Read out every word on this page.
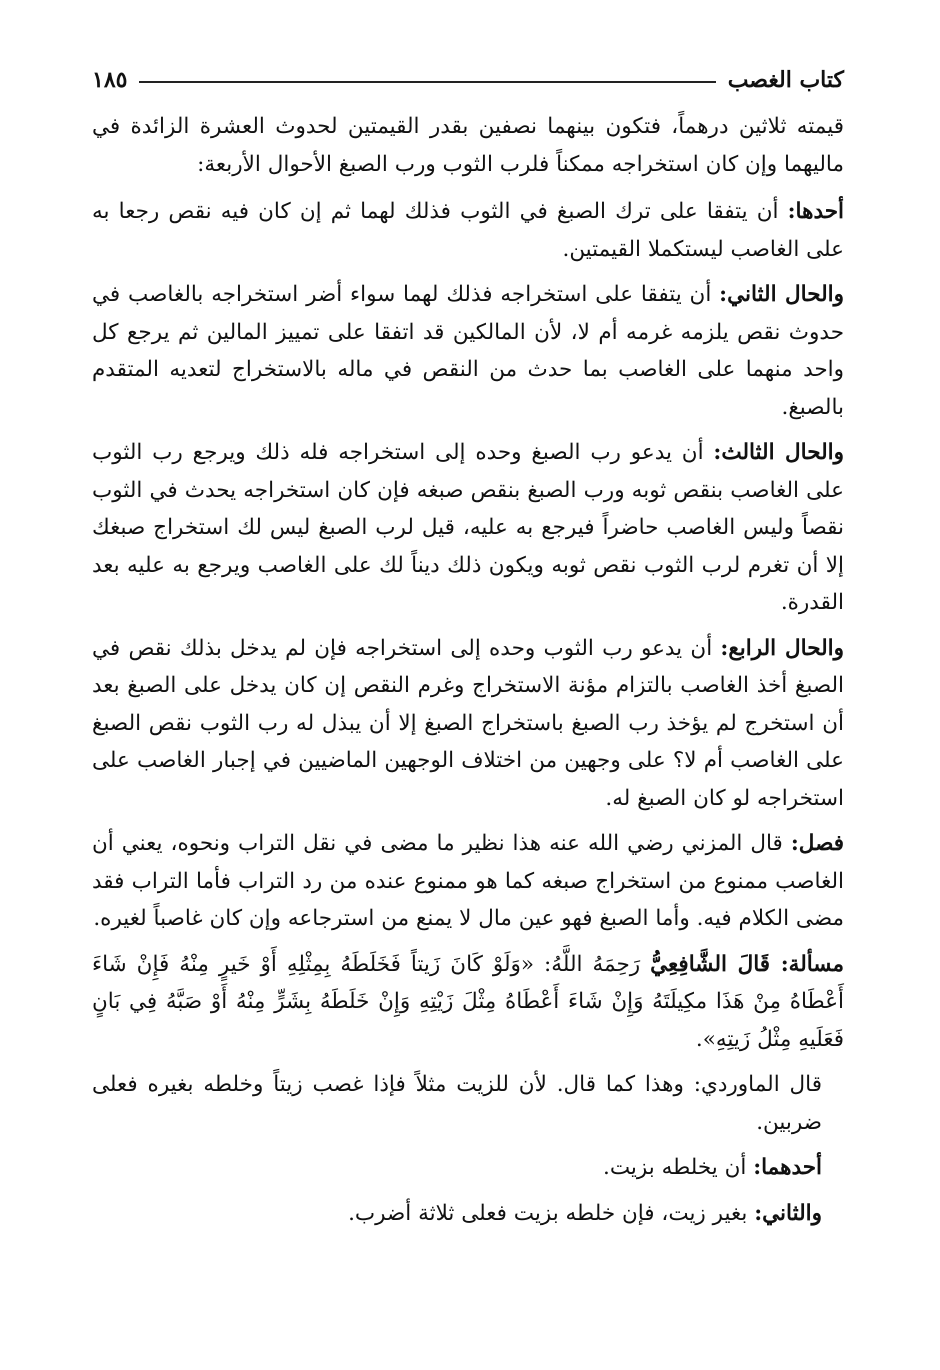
كتاب الغصب
١٨٥

قيمته ثلاثين درهماً، فتكون بينهما نصفين بقدر القيمتين لحدوث العشرة الزائدة في ماليهما وإن كان استخراجه ممكناً فلرب الثوب ورب الصبغ الأحوال الأربعة:

أحدها: أن يتفقا على ترك الصبغ في الثوب فذلك لهما ثم إن كان فيه نقص رجعا به على الغاصب ليستكملا القيمتين.

والحال الثاني: أن يتفقا على استخراجه فذلك لهما سواء أضر استخراجه بالغاصب في حدوث نقص يلزمه غرمه أم لا، لأن المالكين قد اتفقا على تمييز المالين ثم يرجع كل واحد منهما على الغاصب بما حدث من النقص في ماله بالاستخراج لتعديه المتقدم بالصبغ.

والحال الثالث: أن يدعو رب الصبغ وحده إلى استخراجه فله ذلك ويرجع رب الثوب على الغاصب بنقص ثوبه ورب الصبغ بنقص صبغه فإن كان استخراجه يحدث في الثوب نقصاً وليس الغاصب حاضراً فيرجع به عليه، قيل لرب الصبغ ليس لك استخراج صبغك إلا أن تغرم لرب الثوب نقص ثوبه ويكون ذلك ديناً لك على الغاصب ويرجع به عليه بعد القدرة.

والحال الرابع: أن يدعو رب الثوب وحده إلى استخراجه فإن لم يدخل بذلك نقص في الصبغ أخذ الغاصب بالتزام مؤنة الاستخراج وغرم النقص إن كان يدخل على الصبغ بعد أن استخرج لم يؤخذ رب الصبغ باستخراج الصبغ إلا أن يبذل له رب الثوب نقص الصبغ على الغاصب أم لا؟ على وجهين من اختلاف الوجهين الماضيين في إجبار الغاصب على استخراجه لو كان الصبغ له.

فصل: قال المزني رضي الله عنه هذا نظير ما مضى في نقل التراب ونحوه، يعني أن الغاصب ممنوع من استخراج صبغه كما هو ممنوع عنده من رد التراب فأما التراب فقد مضى الكلام فيه. وأما الصبغ فهو عين مال لا يمنع من استرجاعه وإن كان غاصباً لغيره.

مسألة: قَالَ الشَّافِعِيُّ رَحِمَهُ اللَّهُ: «وَلَوْ كَانَ زَيتاً فَخَلَطَهُ بِمِثْلِهِ أَوْ خَيرٍ مِنْهُ فَإِنْ شَاءَ أَعْطَاهُ مِنْ هَذَا مكِيلَتَهُ وَإِنْ شَاءَ أَعْطَاهُ مِثْلَ زَيْتِهِ وَإِنْ خَلَطَهُ بِشَرٍّ مِنْهُ أَوْ صَبَّهُ فِي بَانٍ فَعَلَيهِ مِثْلُ زَيتِهِ».

قال الماوردي: وهذا كما قال. لأن للزيت مثلاً فإذا غصب زيتاً وخلطه بغيره فعلى ضربين.

أحدهما: أن يخلطه بزيت.

والثاني: بغير زيت، فإن خلطه بزيت فعلى ثلاثة أضرب.
